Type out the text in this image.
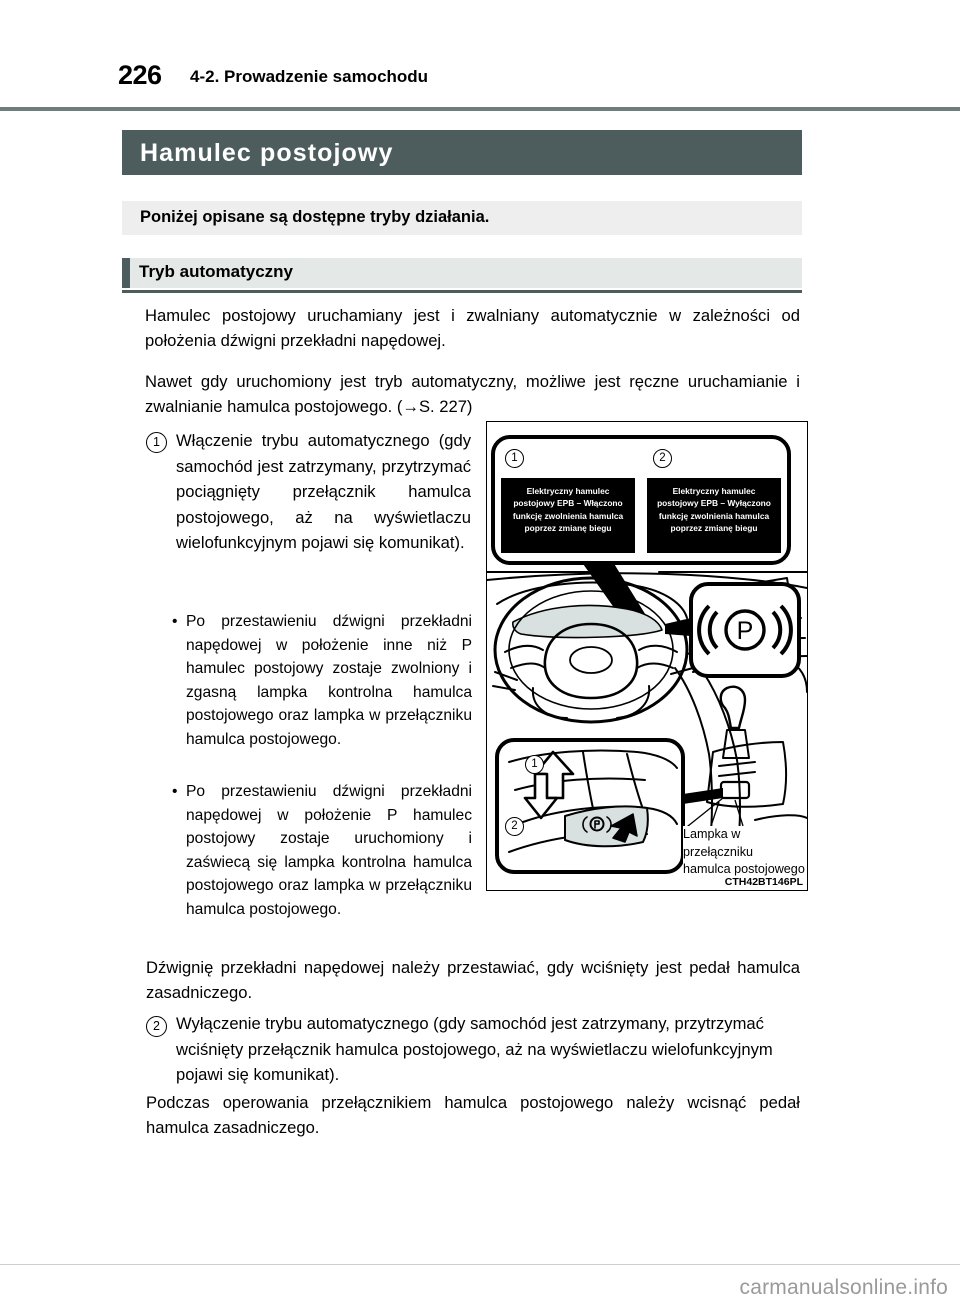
226 4-2. Prowadzenie samochodu
Hamulec postojowy
Poniżej opisane są dostępne tryby działania.
Tryb automatyczny
Hamulec postojowy uruchamiany jest i zwalniany automatycznie w zależności od położenia dźwigni przekładni napędowej.
Nawet gdy uruchomiony jest tryb automatyczny, możliwe jest ręczne uruchamianie i zwalnianie hamulca postojowego. (→S. 227)
1 Włączenie trybu automatycznego (gdy samochód jest zatrzymany, przytrzymać pociągnięty przełącznik hamulca postojowego, aż na wyświetlaczu wielofunkcyjnym pojawi się komunikat).
• Po przestawieniu dźwigni przekładni napędowej w położenie inne niż P hamulec postojowy zostaje zwolniony i zgasną lampka kontrolna hamulca postojowego oraz lampka w przełączniku hamulca postojowego.
• Po przestawieniu dźwigni przekładni napędowej w położenie P hamulec postojowy zostaje uruchomiony i zaświecą się lampka kontrolna hamulca postojowego oraz lampka w przełączniku hamulca postojowego.
Dźwignię przekładni napędowej należy przestawiać, gdy wciśnięty jest pedał hamulca zasadniczego.
2 Wyłączenie trybu automatycznego (gdy samochód jest zatrzymany, przytrzymać wciśnięty przełącznik hamulca postojowego, aż na wyświetlaczu wielofunkcyjnym pojawi się komunikat).
Podczas operowania przełącznikiem hamulca postojowego należy wcisnąć pedał hamulca zasadniczego.
P
Elektryczny hamulec postojowy EPB – Włączono funkcję zwolnienia hamulca poprzez zmianę biegu
Elektryczny hamulec postojowy EPB – Wyłączono funkcję zwolnienia hamulca poprzez zmianę biegu
1	2
1
2
Lampka w przełączniku
hamulca postojowego
CTH42BT146PL
carmanualsonline.info
